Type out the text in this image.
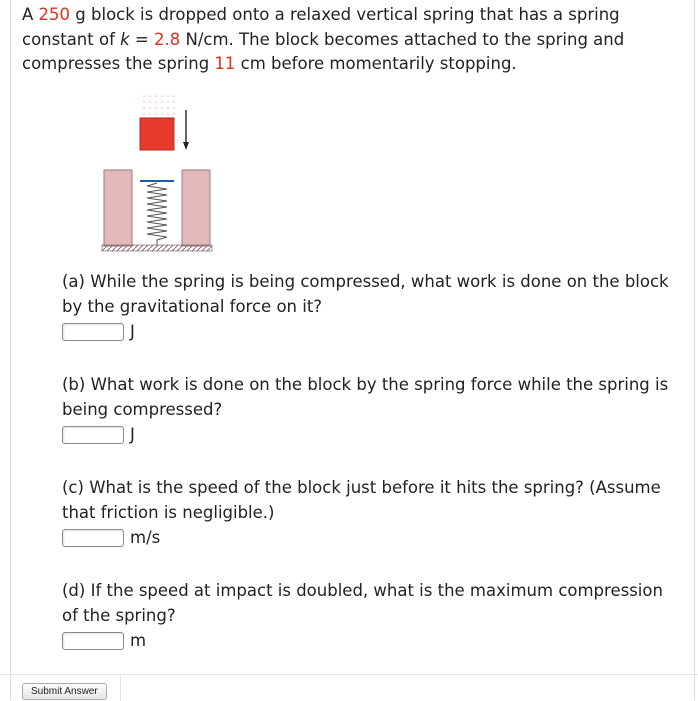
A 250 g block is dropped onto a relaxed vertical spring that has a spring constant of k = 2.8 N/cm. The block becomes attached to the spring and compresses the spring 11 cm before momentarily stopping.
(a) While the spring is being compressed, what work is done on the block by the gravitational force on it?
J
(b) What work is done on the block by the spring force while the spring is being compressed?
J
(c) What is the speed of the block just before it hits the spring? (Assume that friction is negligible.)
m/s
(d) If the speed at impact is doubled, what is the maximum compression of the spring?
m
Submit Answer
